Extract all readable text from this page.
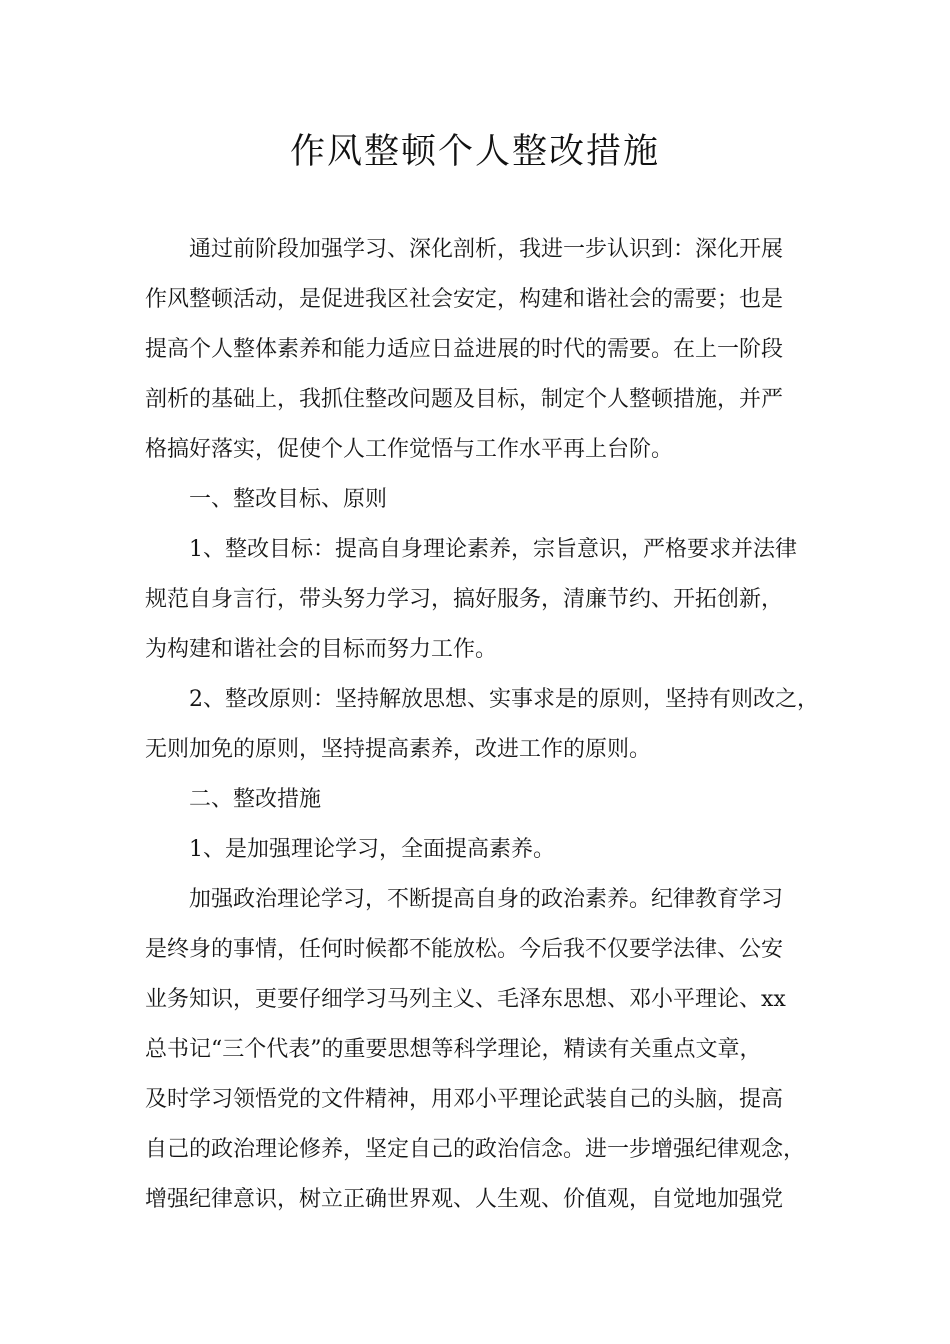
作风整顿个人整改措施

通过前阶段加强学习、深化剖析，我进一步认识到：深化开展

作风整顿活动，是促进我区社会安定，构建和谐社会的需要；也是

提高个人整体素养和能力适应日益进展的时代的需要。在上一阶段

剖析的基础上，我抓住整改问题及目标，制定个人整顿措施，并严

格搞好落实，促使个人工作觉悟与工作水平再上台阶。

一、整改目标、原则

1、整改目标：提高自身理论素养，宗旨意识，严格要求并法律

规范自身言行，带头努力学习，搞好服务，清廉节约、开拓创新，

为构建和谐社会的目标而努力工作。

2、整改原则：坚持解放思想、实事求是的原则，坚持有则改之，

无则加免的原则，坚持提高素养，改进工作的原则。

二、整改措施

1、是加强理论学习，全面提高素养。

加强政治理论学习，不断提高自身的政治素养。纪律教育学习

是终身的事情，任何时候都不能放松。今后我不仅要学法律、公安

业务知识，更要仔细学习马列主义、毛泽东思想、邓小平理论、xx

总书记“三个代表”的重要思想等科学理论，精读有关重点文章，

及时学习领悟党的文件精神，用邓小平理论武装自己的头脑，提高

自己的政治理论修养，坚定自己的政治信念。进一步增强纪律观念，

增强纪律意识，树立正确世界观、人生观、价值观，自觉地加强党
